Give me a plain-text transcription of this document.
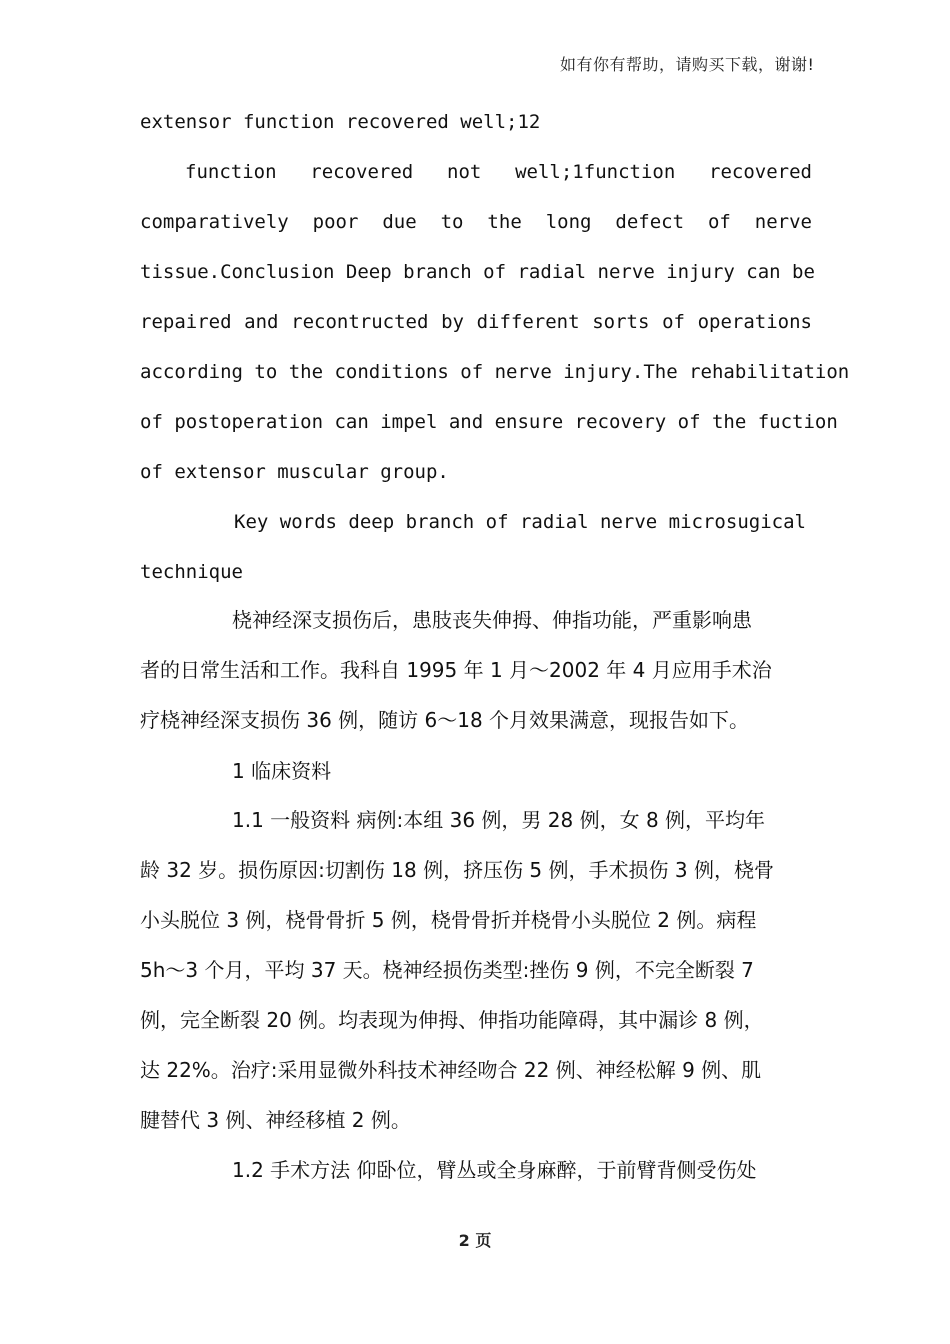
如有你有帮助，请购买下载，谢谢!
extensor function recovered well;12
function recovered not well;1function recovered
comparatively poor due to the long defect of nerve
tissue.Conclusion Deep branch of radial nerve injury can be
repaired and recontructed by different sorts of operations
according to the conditions of nerve injury.The rehabilitation
of postoperation can impel and ensure recovery of the fuction
of extensor muscular group.
Key words deep branch of radial nerve microsugical
technique
桡神经深支损伤后，患肢丧失伸拇、伸指功能，严重影响患
者的日常生活和工作。我科自 1995 年 1 月～2002 年 4 月应用手术治
疗桡神经深支损伤 36 例，随访 6～18 个月效果满意，现报告如下。
1 临床资料
1.1 一般资料 病例:本组 36 例，男 28 例，女 8 例，平均年
龄 32 岁。损伤原因:切割伤 18 例，挤压伤 5 例，手术损伤 3 例，桡骨
小头脱位 3 例，桡骨骨折 5 例，桡骨骨折并桡骨小头脱位 2 例。病程
5h～3 个月，平均 37 天。桡神经损伤类型:挫伤 9 例，不完全断裂 7
例，完全断裂 20 例。均表现为伸拇、伸指功能障碍，其中漏诊 8 例，
达 22%。治疗:采用显微外科技术神经吻合 22 例、神经松解 9 例、肌
腱替代 3 例、神经移植 2 例。
1.2 手术方法 仰卧位，臂丛或全身麻醉，于前臂背侧受伤处
2 页
